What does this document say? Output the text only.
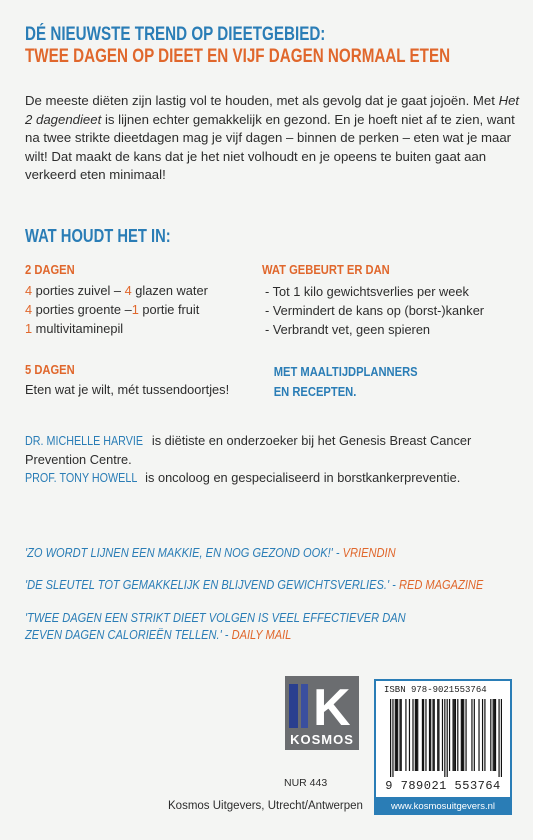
DÉ NIEUWSTE TREND OP DIEETGEBIED:
TWEE DAGEN OP DIEET EN VIJF DAGEN NORMAAL ETEN
De meeste diëten zijn lastig vol te houden, met als gevolg dat je gaat jojoën. Met Het 2 dagendieet is lijnen echter gemakkelijk en gezond. En je hoeft niet af te zien, want na twee strikte dieetdagen mag je vijf dagen – binnen de perken – eten wat je maar wilt! Dat maakt de kans dat je het niet volhoudt en je opeens te buiten gaat aan verkeerd eten minimaal!
WAT HOUDT HET IN:
2 DAGEN
4 porties zuivel – 4 glazen water
4 porties groente –1 portie fruit
1 multivitaminepil
WAT GEBEURT ER DAN
- Tot 1 kilo gewichtsverlies per week
- Vermindert de kans op (borst-)kanker
- Verbrandt vet, geen spieren
5 DAGEN
Eten wat je wilt, mét tussendoortjes!
MET MAALTIJDPLANNERS
EN RECEPTEN.
DR. MICHELLE HARVIE is diëtiste en onderzoeker bij het Genesis Breast Cancer Prevention Centre.
PROF. TONY HOWELL is oncoloog en gespecialiseerd in borstkankerpreventie.
'ZO WORDT LIJNEN EEN MAKKIE, EN NOG GEZOND OOK!' - VRIENDIN
'DE SLEUTEL TOT GEMAKKELIJK EN BLIJVEND GEWICHTSVERLIES.' - RED MAGAZINE
'TWEE DAGEN EEN STRIKT DIEET VOLGEN IS VEEL EFFECTIEVER DAN
ZEVEN DAGEN CALORIEËN TELLEN.' - DAILY MAIL
K
KOSMOS
ISBN 978-9021553764
9 789021 553764
www.kosmosuitgevers.nl
NUR 443
Kosmos Uitgevers, Utrecht/Antwerpen
